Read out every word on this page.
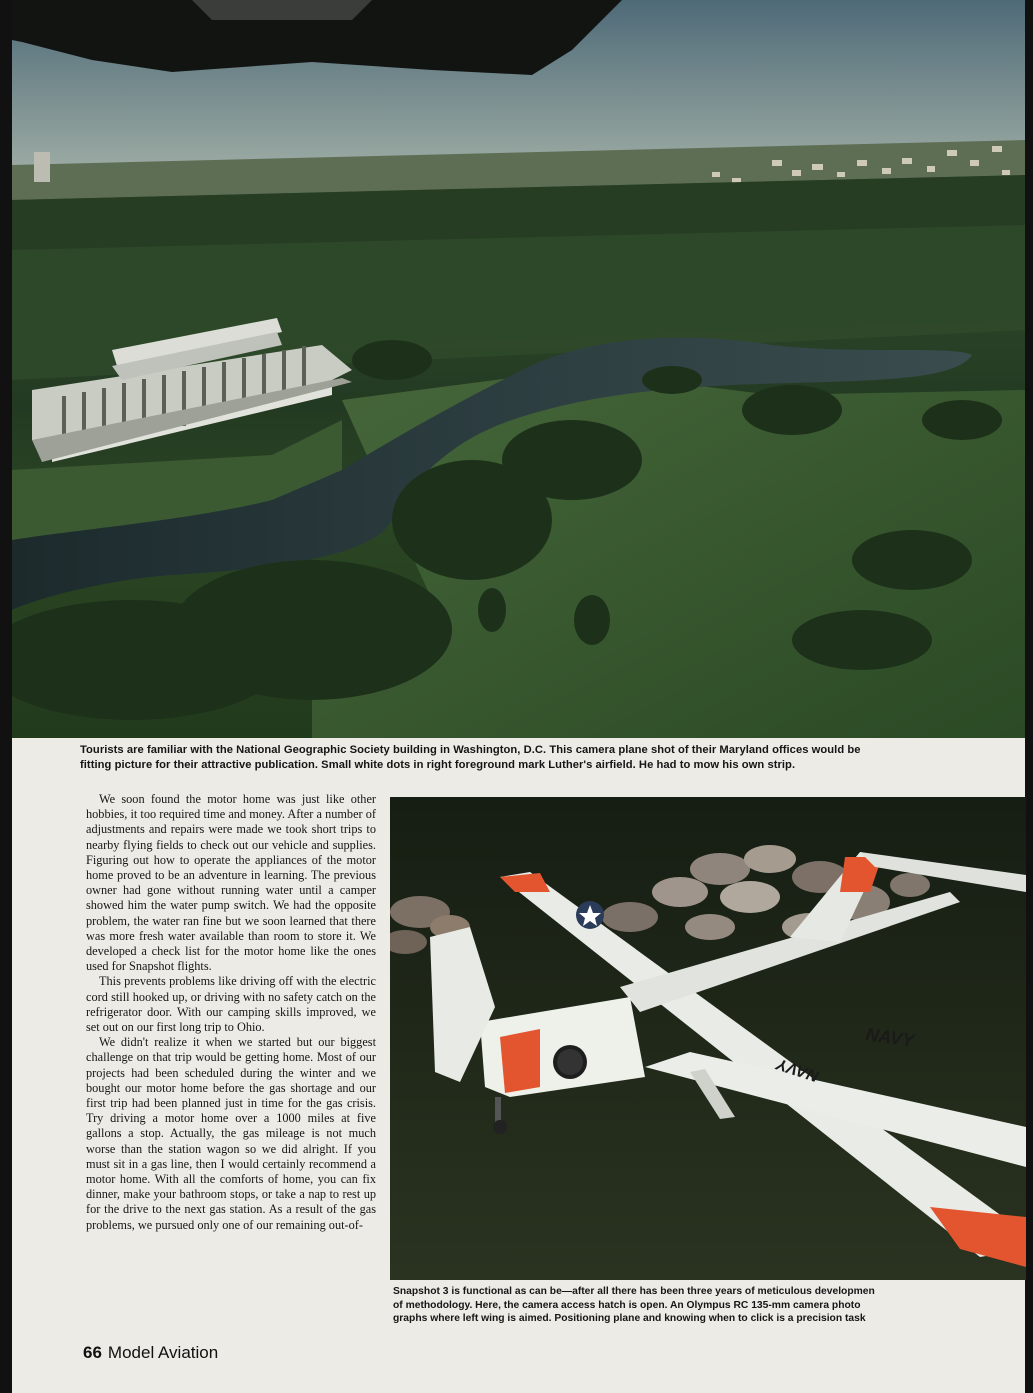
Tourists are familiar with the National Geographic Society building in Washington, D.C. This camera plane shot of their Maryland offices would be
fitting picture for their attractive publication. Small white dots in right foreground mark Luther's airfield. He had to mow his own strip.

We soon found the motor home was just like other hobbies, it too required time and money. After a number of adjustments and repairs were made we took short trips to nearby flying fields to check out our vehicle and supplies. Figuring out how to operate the appliances of the motor home proved to be an adventure in learning. The previous owner had gone without running water until a camper showed him the water pump switch. We had the opposite problem, the water ran fine but we soon learned that there was more fresh water available than room to store it. We developed a check list for the motor home like the ones used for Snapshot flights.

This prevents problems like driving off with the electric cord still hooked up, or driving with no safety catch on the refrigerator door. With our camping skills improved, we set out on our first long trip to Ohio.

We didn't realize it when we started but our biggest challenge on that trip would be getting home. Most of our projects had been scheduled during the winter and we bought our motor home before the gas shortage and our first trip had been planned just in time for the gas crisis. Try driving a motor home over a 1000 miles at five gallons a stop. Actually, the gas mileage is not much worse than the station wagon so we did alright. If you must sit in a gas line, then I would certainly recommend a motor home. With all the comforts of home, you can fix dinner, make your bathroom stops, or take a nap to rest up for the drive to the next gas station. As a result of the gas problems, we pursued only one of our remaining out-of-

NAVY
NAVY
Snapshot 3 is functional as can be—after all there has been three years of meticulous developmen
of methodology. Here, the camera access hatch is open. An Olympus RC 135-mm camera photo
graphs where left wing is aimed. Positioning plane and knowing when to click is a precision task
66 Model Aviation
